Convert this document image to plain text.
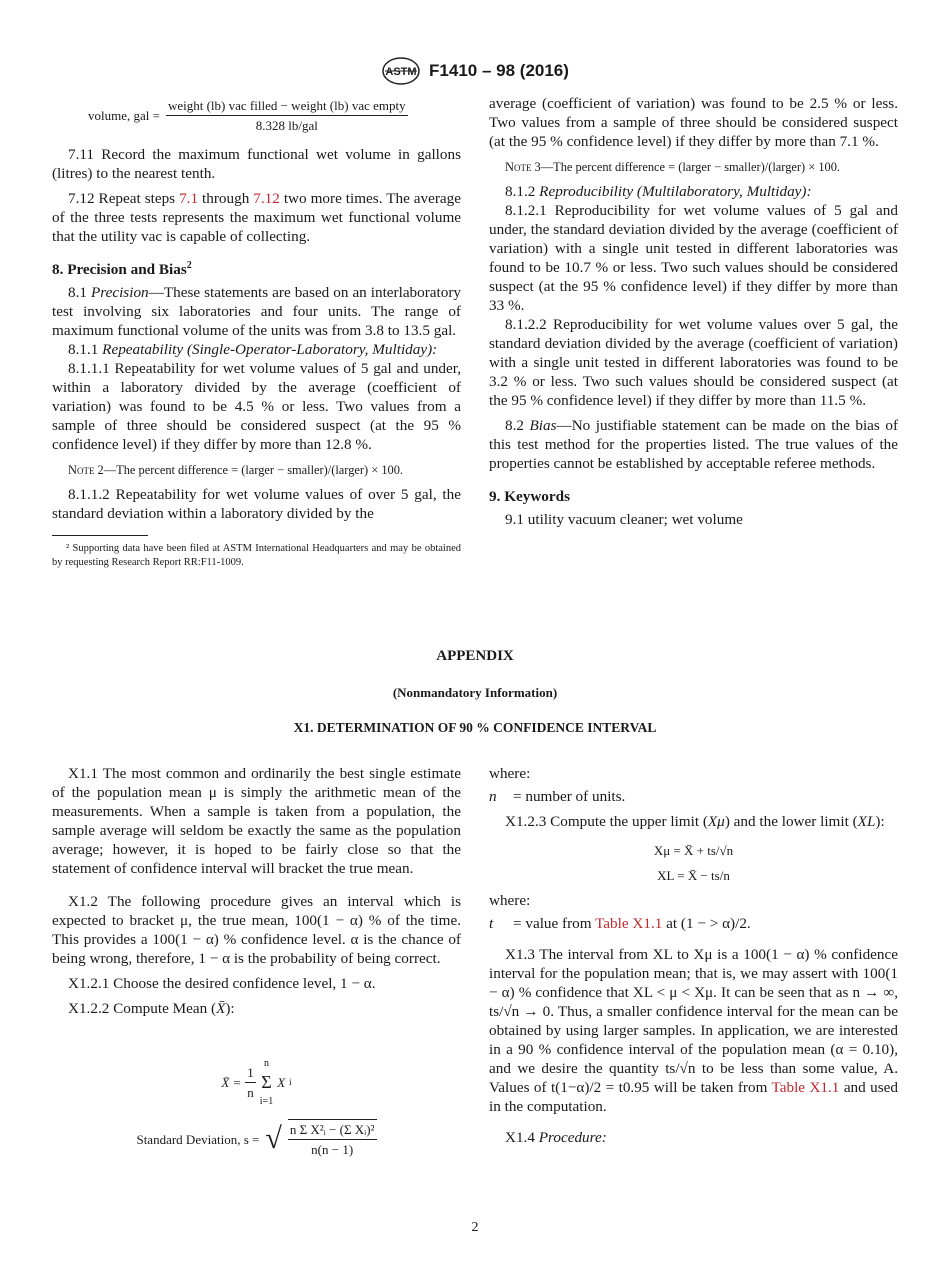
ASTM F1410 – 98 (2016)
volume, gal = $\frac{\text{weight (lb) vac filled − weight (lb) vac empty}}{\text{8.328 lb/gal}}$

7.11 Record the maximum functional wet volume in gallons (litres) to the nearest tenth.

7.12 Repeat steps 7.1 through 7.12 two more times. The average of the three tests represents the maximum wet functional volume that the utility vac is capable of collecting.

8. Precision and Bias$^2$

8.1 Precision—These statements are based on an interlaboratory test involving six laboratories and four units. The range of maximum functional volume of the units was from 3.8 to 13.5 gal.

8.1.1 Repeatability (Single-Operator-Laboratory, Multiday):

8.1.1.1 Repeatability for wet volume values of 5 gal and under, within a laboratory divided by the average (coefficient of variation) was found to be 4.5 % or less. Two values from a sample of three should be considered suspect (at the 95 % confidence level) if they differ by more than 12.8 %.

Note 2—The percent difference = (larger − smaller)/(larger) × 100.

8.1.1.2 Repeatability for wet volume values of over 5 gal, the standard deviation within a laboratory divided by the

² Supporting data have been filed at ASTM International Headquarters and may be obtained by requesting Research Report RR:F11-1009.

average (coefficient of variation) was found to be 2.5 % or less. Two values from a sample of three should be considered suspect (at the 95 % confidence level) if they differ by more than 7.1 %.

Note 3—The percent difference = (larger − smaller)/(larger) × 100.

8.1.2 Reproducibility (Multilaboratory, Multiday):

8.1.2.1 Reproducibility for wet volume values of 5 gal and under, the standard deviation divided by the average (coefficient of variation) with a single unit tested in different laboratories was found to be 10.7 % or less. Two such values should be considered suspect (at the 95 % confidence level) if they differ by more than 33 %.

8.1.2.2 Reproducibility for wet volume values over 5 gal, the standard deviation divided by the average (coefficient of variation) with a single unit tested in different laboratories was found to be 3.2 % or less. Two such values should be considered suspect (at the 95 % confidence level) if they differ by more than 11.5 %.

8.2 Bias—No justifiable statement can be made on the bias of this test method for the properties listed. The true values of the properties cannot be established by acceptable referee methods.

9. Keywords

9.1 utility vacuum cleaner; wet volume

APPENDIX
(Nonmandatory Information)
X1. DETERMINATION OF 90 % CONFIDENCE INTERVAL

X1.1 The most common and ordinarily the best single estimate of the population mean μ is simply the arithmetic mean of the measurements. When a sample is taken from a population, the sample average will seldom be exactly the same as the population average; however, it is hoped to be fairly close so that the statement of confidence interval will bracket the true mean.

X1.2 The following procedure gives an interval which is expected to bracket μ, the true mean, 100(1 − α) % of the time. This provides a 100(1 − α) % confidence level. α is the chance of being wrong, therefore, 1 − α is the probability of being correct.

X1.2.1 Choose the desired confidence level, 1 − α.

X1.2.2 Compute Mean (X̄):

X̄ = $\frac{1}{n}$ n
Σ
i=1
X i
Standard Deviation, s = √ $\frac{\text{n Σ X²ᵢ − (Σ Xᵢ)²}}{n(n - 1)}$

where:

n = number of units.

X1.2.3 Compute the upper limit (Xμ) and the lower limit (XL):

Xμ = X̄ + ts/√n
XL = X̄ − ts/n

where:

t = value from Table X1.1 at (1 − > α)/2.

X1.3 The interval from XL to Xμ is a 100(1 − α) % confidence interval for the population mean; that is, we may assert with 100(1 − α) % confidence that XL < μ < Xμ. It can be seen that as n → ∞, ts/√n → 0. Thus, a smaller confidence interval for the mean can be obtained by using larger samples. In application, we are interested in a 90 % confidence interval of the population mean (α = 0.10), and we desire the quantity ts/√n to be less than some value, A. Values of t(1−α)/2 = t0.95 will be taken from Table X1.1 and used in the computation.

X1.4 Procedure:

2
